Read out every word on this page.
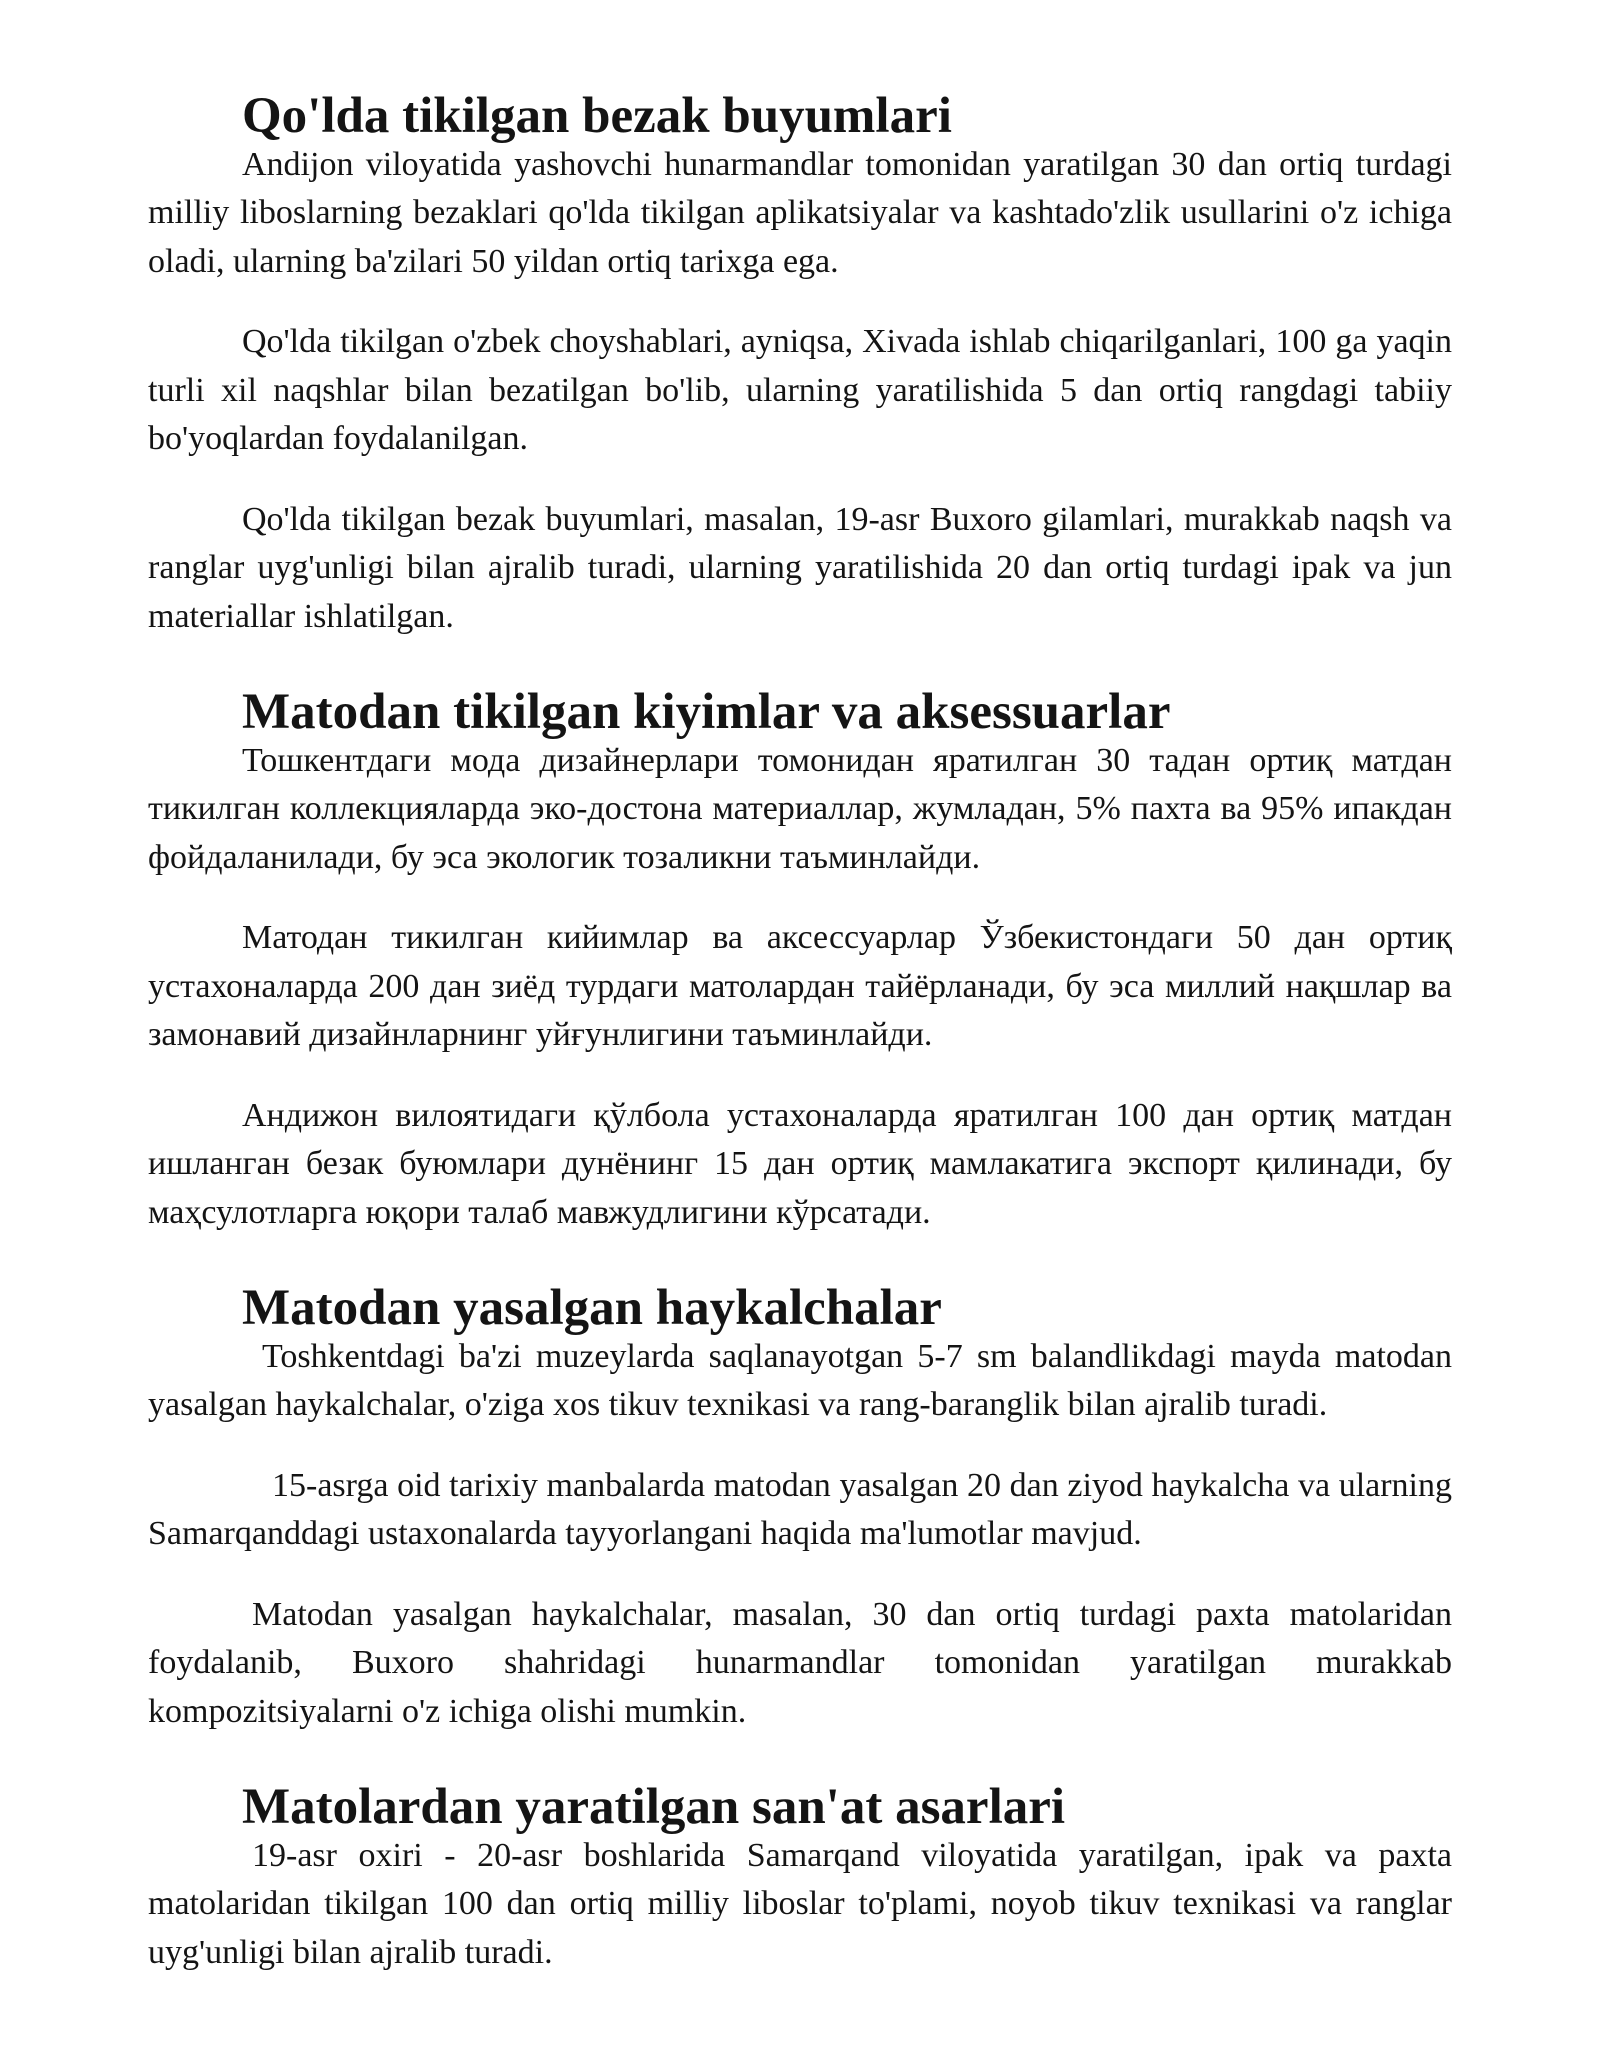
Qo'lda tikilgan bezak buyumlari

Andijon viloyatida yashovchi hunarmandlar tomonidan yaratilgan 30 dan ortiq turdagi milliy liboslarning bezaklari qo'lda tikilgan aplikatsiyalar va kashtado'zlik usullarini o'z ichiga oladi, ularning ba'zilari 50 yildan ortiq tarixga ega.

Qo'lda tikilgan o'zbek choyshablari, ayniqsa, Xivada ishlab chiqarilganlari, 100 ga yaqin turli xil naqshlar bilan bezatilgan bo'lib, ularning yaratilishida 5 dan ortiq rangdagi tabiiy bo'yoqlardan foydalanilgan.

Qo'lda tikilgan bezak buyumlari, masalan, 19-asr Buxoro gilamlari, murakkab naqsh va ranglar uyg'unligi bilan ajralib turadi, ularning yaratilishida 20 dan ortiq turdagi ipak va jun materiallar ishlatilgan.

Matodan tikilgan kiyimlar va aksessuarlar

Тошкентдаги мода дизайнерлари томонидан яратилган 30 тадан ортиқ матдан тикилган коллекцияларда эко-достона материаллар, жумладан, 5% пахта ва 95% ипакдан фойдаланилади, бу эса экологик тозаликни таъминлайди.

Матодан тикилган кийимлар ва аксессуарлар Ўзбекистондаги 50 дан ортиқ устахоналарда 200 дан зиёд турдаги матолардан тайёрланади, бу эса миллий нақшлар ва замонавий дизайнларнинг уйғунлигини таъминлайди.

Андижон вилоятидаги қўлбола устахоналарда яратилган 100 дан ортиқ матдан ишланган безак буюмлари дунёнинг 15 дан ортиқ мамлакатига экспорт қилинади, бу маҳсулотларга юқори талаб мавжудлигини кўрсатади.

Matodan yasalgan haykalchalar

Toshkentdagi ba'zi muzeylarda saqlanayotgan 5-7 sm balandlikdagi mayda matodan yasalgan haykalchalar, o'ziga xos tikuv texnikasi va rang-baranglik bilan ajralib turadi.

15-asrga oid tarixiy manbalarda matodan yasalgan 20 dan ziyod haykalcha va ularning Samarqanddagi ustaxonalarda tayyorlangani haqida ma'lumotlar mavjud.

Matodan yasalgan haykalchalar, masalan, 30 dan ortiq turdagi paxta matolaridan foydalanib, Buxoro shahridagi hunarmandlar tomonidan yaratilgan murakkab kompozitsiyalarni o'z ichiga olishi mumkin.

Matolardan yaratilgan san'at asarlari

19-asr oxiri - 20-asr boshlarida Samarqand viloyatida yaratilgan, ipak va paxta matolaridan tikilgan 100 dan ortiq milliy liboslar to'plami, noyob tikuv texnikasi va ranglar uyg'unligi bilan ajralib turadi.
